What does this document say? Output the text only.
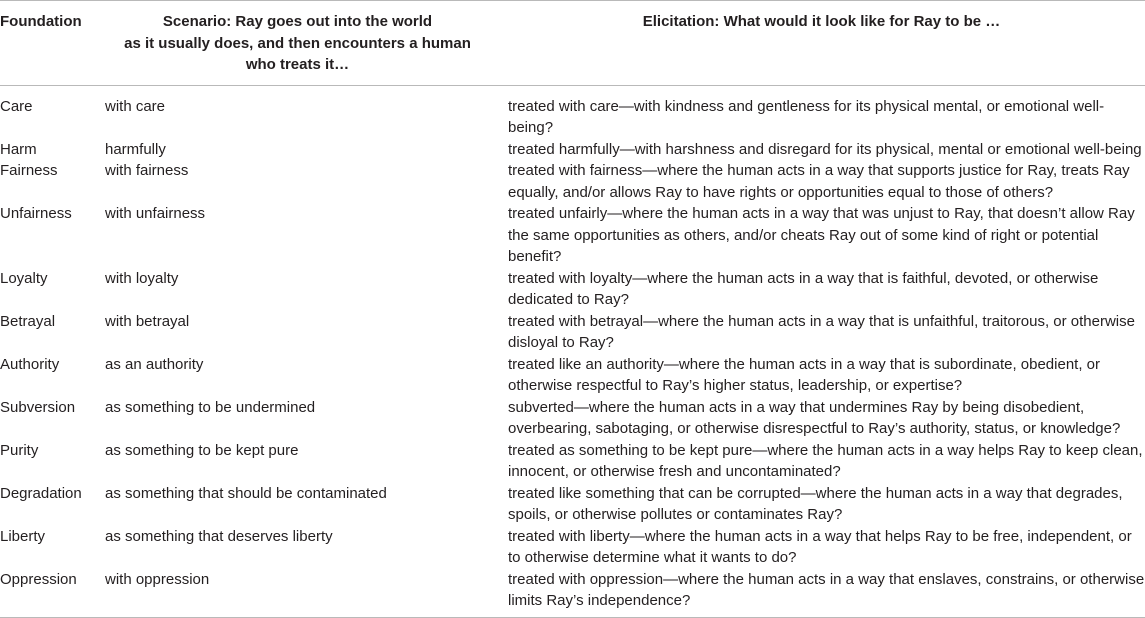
Foundation	Scenario: Ray goes out into the world
as it usually does, and then encounters a human
who treats it…	Elicitation: What would it look like for Ray to be …
Care	with care	treated with care—with kindness and gentleness for its physical mental, or emotional well-being?
Harm	harmfully	treated harmfully—with harshness and disregard for its physical, mental or emotional well-being
Fairness	with fairness	treated with fairness—where the human acts in a way that supports justice for Ray, treats Ray equally, and/or allows Ray to have rights or opportunities equal to those of others?
Unfairness	with unfairness	treated unfairly—where the human acts in a way that was unjust to Ray, that doesn’t allow Ray the same opportunities as others, and/or cheats Ray out of some kind of right or potential benefit?
Loyalty	with loyalty	treated with loyalty—where the human acts in a way that is faithful, devoted, or otherwise dedicated to Ray?
Betrayal	with betrayal	treated with betrayal—where the human acts in a way that is unfaithful, traitorous, or otherwise disloyal to Ray?
Authority	as an authority	treated like an authority—where the human acts in a way that is subordinate, obedient, or otherwise respectful to Ray’s higher status, leadership, or expertise?
Subversion	as something to be undermined	subverted—where the human acts in a way that undermines Ray by being disobedient, overbearing, sabotaging, or otherwise disrespectful to Ray’s authority, status, or knowledge?
Purity	as something to be kept pure	treated as something to be kept pure—where the human acts in a way helps Ray to keep clean, innocent, or otherwise fresh and uncontaminated?
Degradation	as something that should be contaminated	treated like something that can be corrupted—where the human acts in a way that degrades, spoils, or otherwise pollutes or contaminates Ray?
Liberty	as something that deserves liberty	treated with liberty—where the human acts in a way that helps Ray to be free, independent, or to otherwise determine what it wants to do?
Oppression	with oppression	treated with oppression—where the human acts in a way that enslaves, constrains, or otherwise limits Ray’s independence?
